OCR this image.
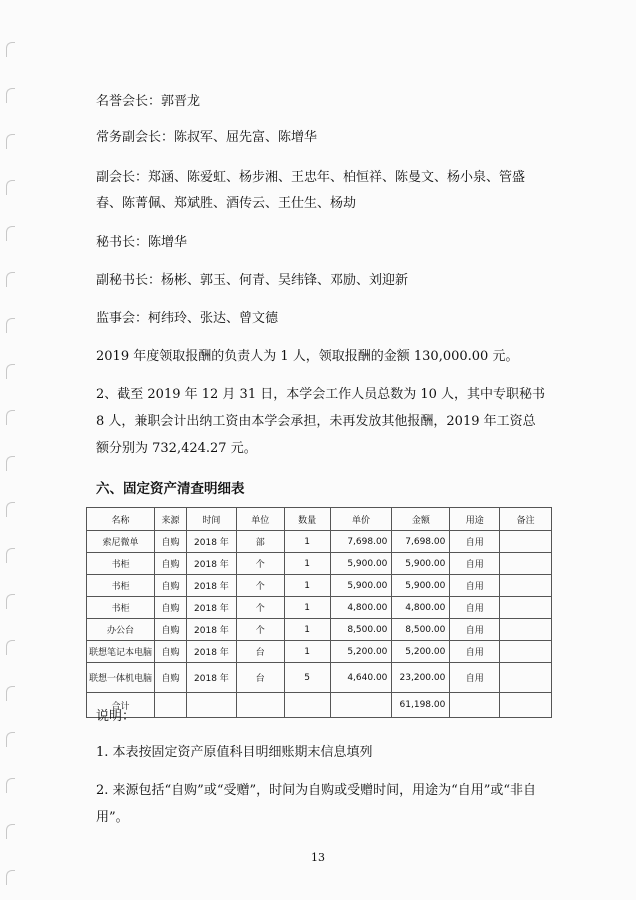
名誉会长：郭晋龙

常务副会长：陈叔军、屈先富、陈增华

副会长：郑涵、陈爱虹、杨步湘、王忠年、柏恒祥、陈曼文、杨小泉、管盛春、陈菁佩、郑斌胜、酒传云、王仕生、杨劫

秘书长：陈增华

副秘书长：杨彬、郭玉、何青、吴纬锋、邓励、刘迎新

监事会：柯纬玲、张达、曾文德

2019 年度领取报酬的负责人为 1 人，领取报酬的金额 130,000.00 元。

2、截至 2019 年 12 月 31 日，本学会工作人员总数为 10 人，其中专职秘书 8 人，兼职会计出纳工资由本学会承担，未再发放其他报酬，2019 年工资总额分别为 732,424.27 元。

六、固定资产清查明细表

名称	来源	时间	单位	数量	单价	金额	用途	备注
索尼微单	自购	2018 年	部	1	7,698.00	7,698.00	自用	
书柜	自购	2018 年	个	1	5,900.00	5,900.00	自用	
书柜	自购	2018 年	个	1	5,900.00	5,900.00	自用	
书柜	自购	2018 年	个	1	4,800.00	4,800.00	自用	
办公台	自购	2018 年	个	1	8,500.00	8,500.00	自用	
联想笔记本电脑	自购	2018 年	台	1	5,200.00	5,200.00	自用	
联想一体机电脑	自购	2018 年	台	5	4,640.00	23,200.00	自用	
合计						61,198.00		

说明：

1. 本表按固定资产原值科目明细账期末信息填列

2. 来源包括“自购”或“受赠”，时间为自购或受赠时间，用途为“自用”或“非自用”。

13
